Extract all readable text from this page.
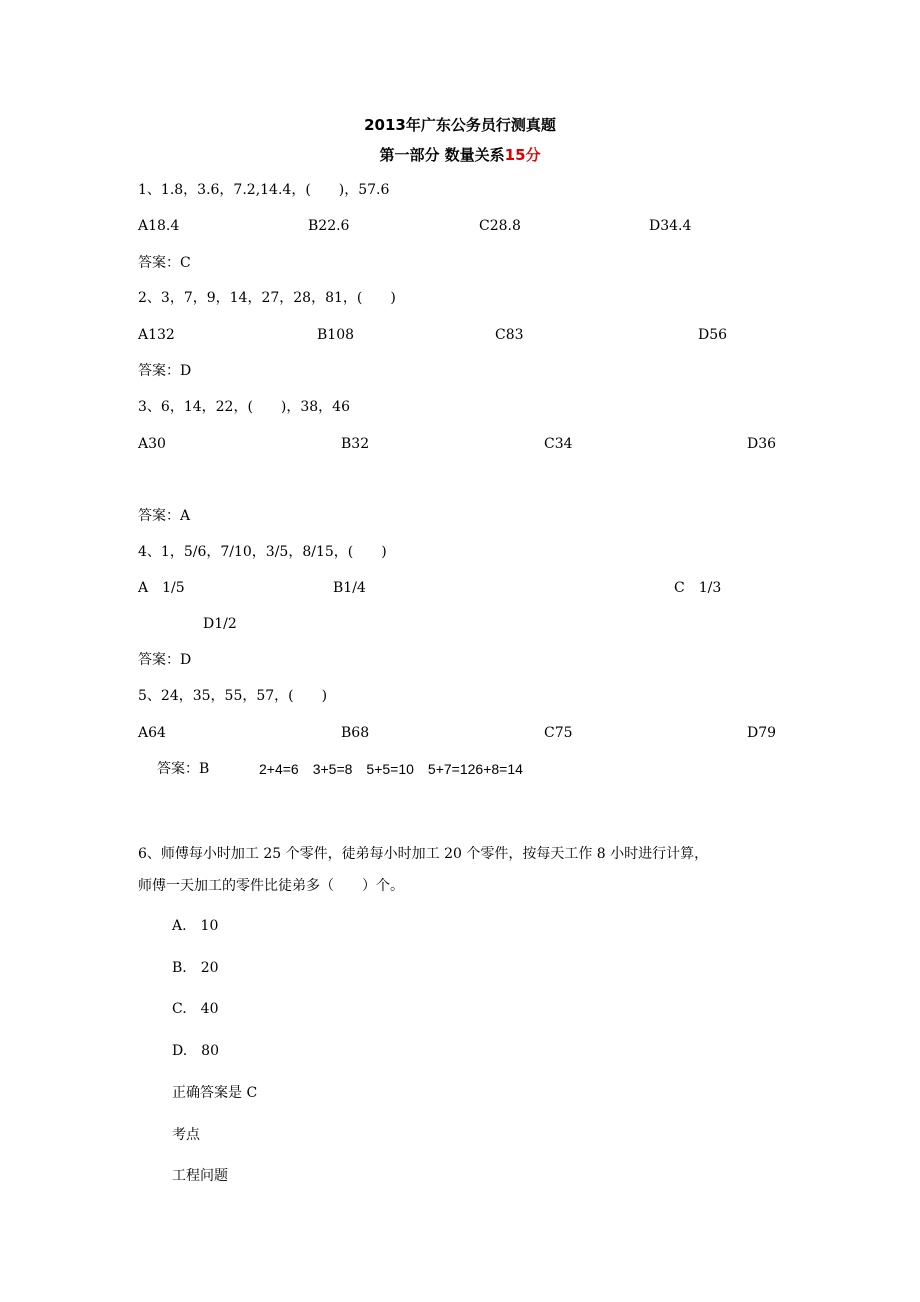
2013年广东公务员行测真题
第一部分 数量关系15分
1、1.8，3.6，7.2,14.4，(　　)，57.6
A18.4	B22.6	C28.8	D34.4
答案：C
2、3，7，9，14，27，28，81，(　　)
A132	B108	C83	D56
答案：D
3、6，14，22，(　　)，38，46
A30	B32	C34	D36
答案：A
4、1，5/6，7/10，3/5，8/15，(　　)
A　1/5	B1/4	C　1/3
D1/2
答案：D
5、24，35，55，57，(　　)
A64	B68	C75	D79
答案：B	2+4=6　3+5=8　5+5=10　5+7=126+8=14
6、师傅每小时加工 25 个零件，徒弟每小时加工 20 个零件，按每天工作 8 小时进行计算，
师傅一天加工的零件比徒弟多（　　）个。
A.　10
B.　20
C.　40
D.　80
正确答案是 C
考点
工程问题
